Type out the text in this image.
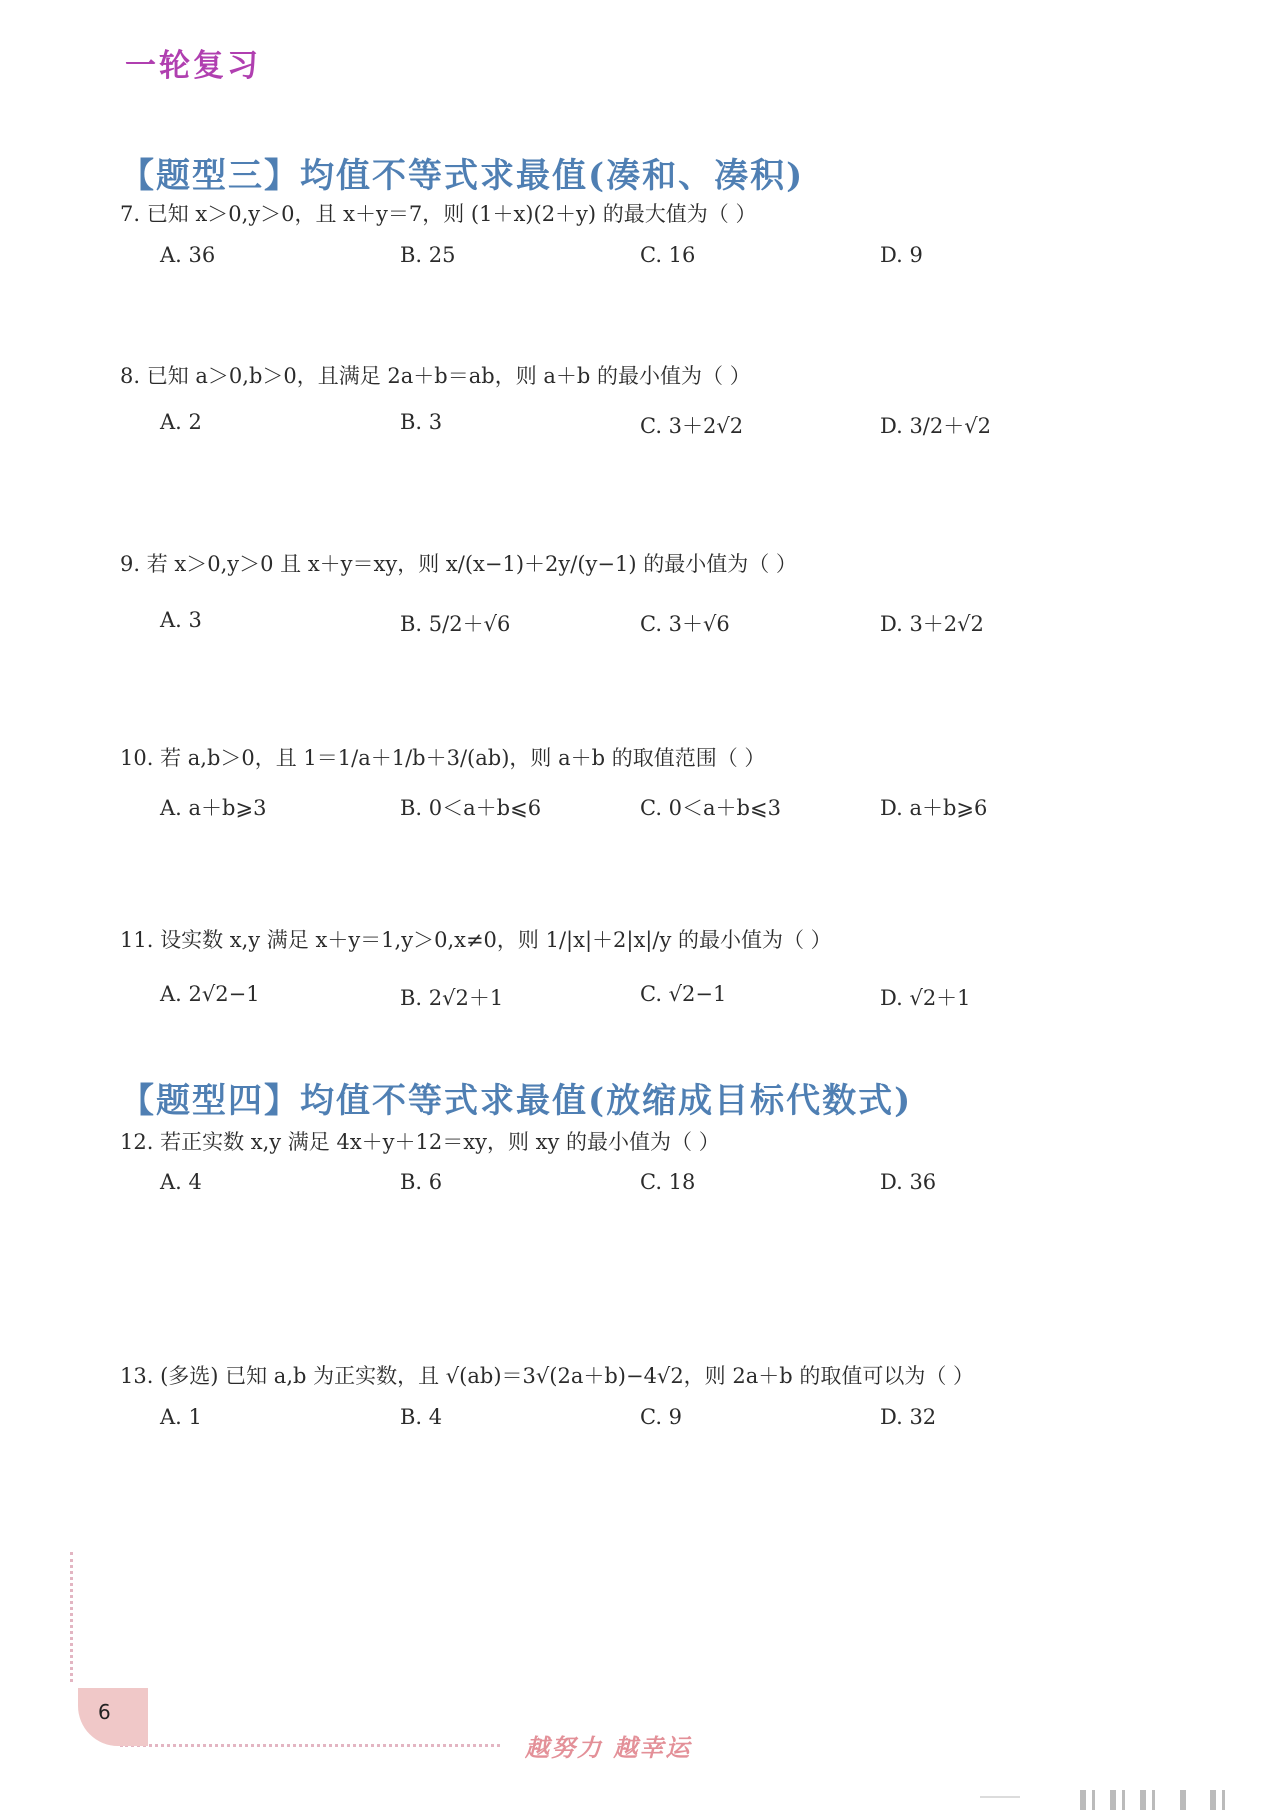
一轮复习
【题型三】均值不等式求最值(凑和、凑积)
7. 已知 x＞0,y＞0，且 x＋y＝7，则 (1＋x)(2＋y) 的最大值为（ ）
A. 36	B. 25	C. 16	D. 9
8. 已知 a＞0,b＞0，且满足 2a＋b＝ab，则 a＋b 的最小值为（ ）
A. 2	B. 3	C. 3＋2√2	D. 3/2＋√2
9. 若 x＞0,y＞0 且 x＋y＝xy，则 x/(x−1)＋2y/(y−1) 的最小值为（ ）
A. 3	B. 5/2＋√6	C. 3＋√6	D. 3＋2√2
10. 若 a,b＞0，且 1＝1/a＋1/b＋3/(ab)，则 a＋b 的取值范围（ ）
A. a＋b⩾3	B. 0＜a＋b⩽6	C. 0＜a＋b⩽3	D. a＋b⩾6
11. 设实数 x,y 满足 x＋y＝1,y＞0,x≠0，则 1/|x|＋2|x|/y 的最小值为（ ）
A. 2√2−1	B. 2√2＋1	C. √2−1	D. √2＋1
【题型四】均值不等式求最值(放缩成目标代数式)
12. 若正实数 x,y 满足 4x＋y＋12＝xy，则 xy 的最小值为（ ）
A. 4	B. 6	C. 18	D. 36
13. (多选) 已知 a,b 为正实数，且 √(ab)＝3√(2a＋b)−4√2，则 2a＋b 的取值可以为（ ）
A. 1	B. 4	C. 9	D. 32
6
越努力 越幸运
